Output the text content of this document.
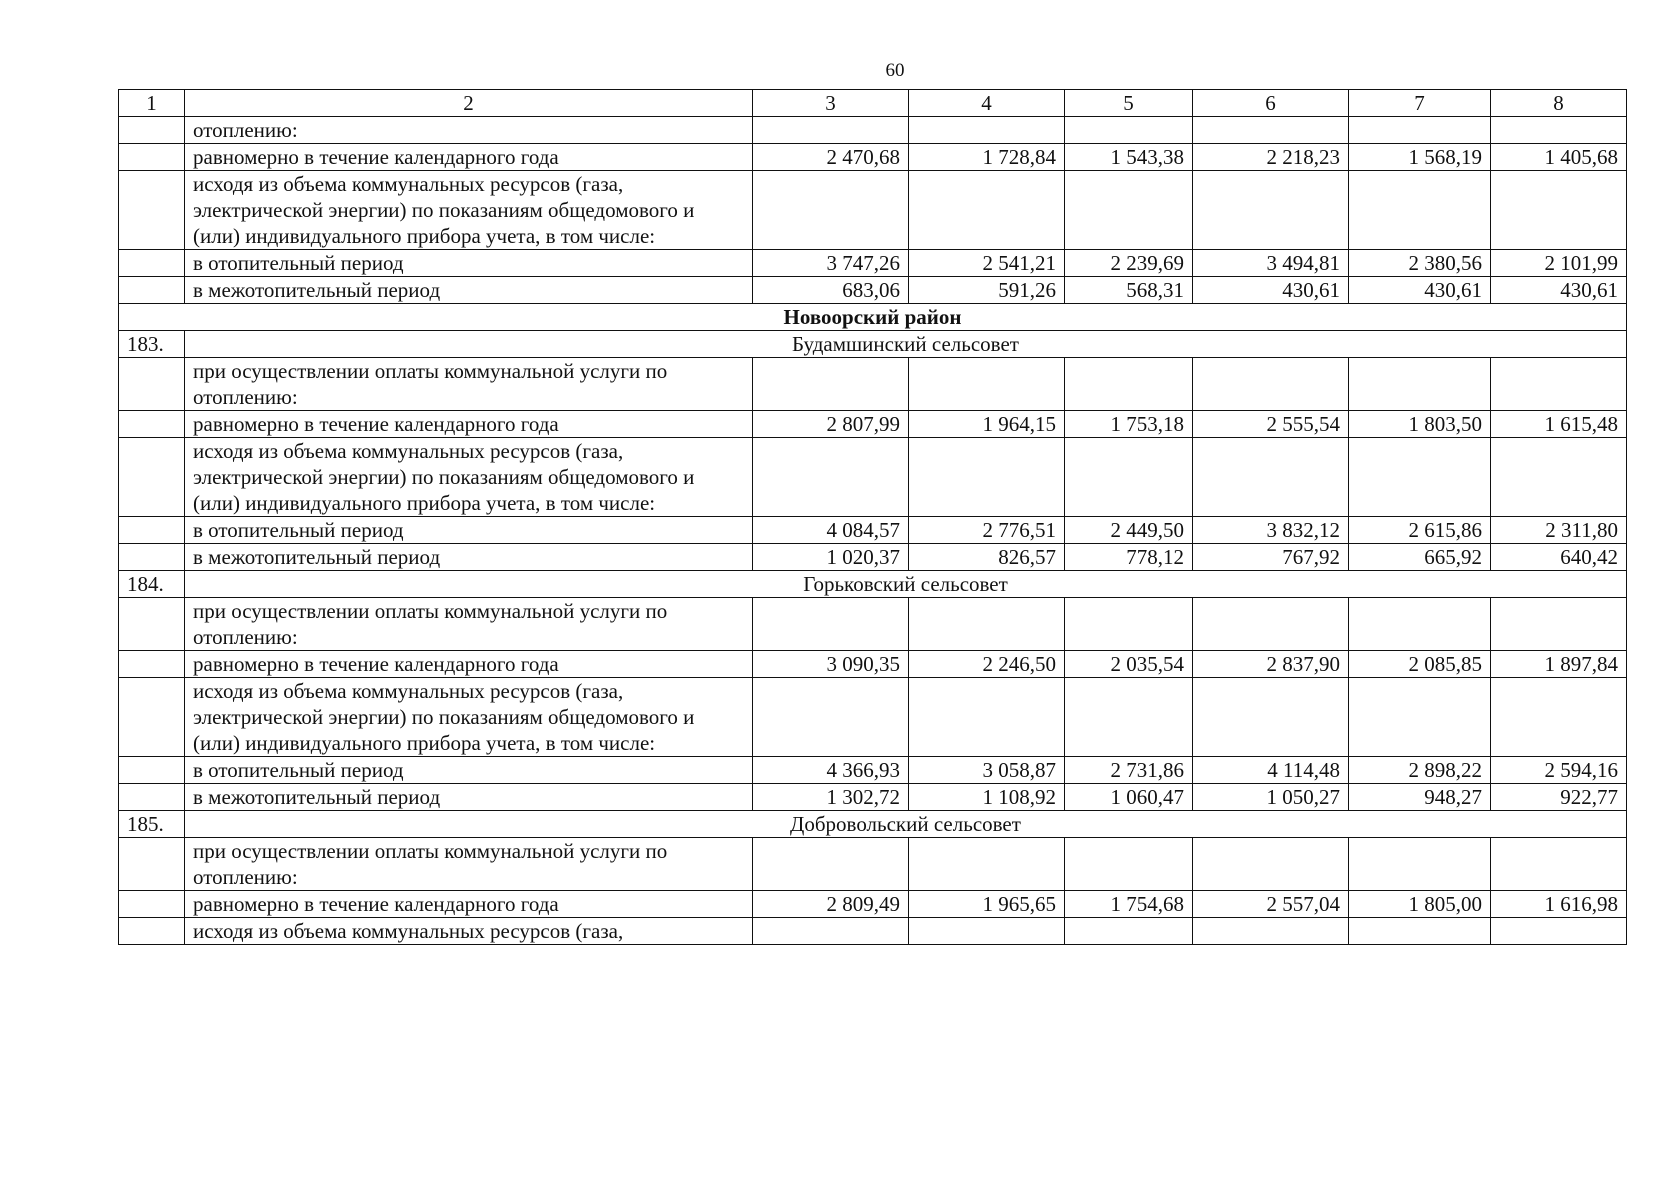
60
1	2	3	4	5	6	7	8
	отоплению:						
	равномерно в течение календарного года	2 470,68	1 728,84	1 543,38	2 218,23	1 568,19	1 405,68
	исходя из объема коммунальных ресурсов (газа, электрической энергии) по показаниям общедомового и (или) индивидуального прибора учета, в том числе:						
	в отопительный период	3 747,26	2 541,21	2 239,69	3 494,81	2 380,56	2 101,99
	в межотопительный период	683,06	591,26	568,31	430,61	430,61	430,61
Новоорский район							
183.	Будамшинский сельсовет						
	при осуществлении оплаты коммунальной услуги по отоплению:						
	равномерно в течение календарного года	2 807,99	1 964,15	1 753,18	2 555,54	1 803,50	1 615,48
	исходя из объема коммунальных ресурсов (газа, электрической энергии) по показаниям общедомового и (или) индивидуального прибора учета, в том числе:						
	в отопительный период	4 084,57	2 776,51	2 449,50	3 832,12	2 615,86	2 311,80
	в межотопительный период	1 020,37	826,57	778,12	767,92	665,92	640,42
184.	Горьковский сельсовет						
	при осуществлении оплаты коммунальной услуги по отоплению:						
	равномерно в течение календарного года	3 090,35	2 246,50	2 035,54	2 837,90	2 085,85	1 897,84
	исходя из объема коммунальных ресурсов (газа, электрической энергии) по показаниям общедомового и (или) индивидуального прибора учета, в том числе:						
	в отопительный период	4 366,93	3 058,87	2 731,86	4 114,48	2 898,22	2 594,16
	в межотопительный период	1 302,72	1 108,92	1 060,47	1 050,27	948,27	922,77
185.	Добровольский сельсовет						
	при осуществлении оплаты коммунальной услуги по отоплению:						
	равномерно в течение календарного года	2 809,49	1 965,65	1 754,68	2 557,04	1 805,00	1 616,98
	исходя из объема коммунальных ресурсов (газа,						
